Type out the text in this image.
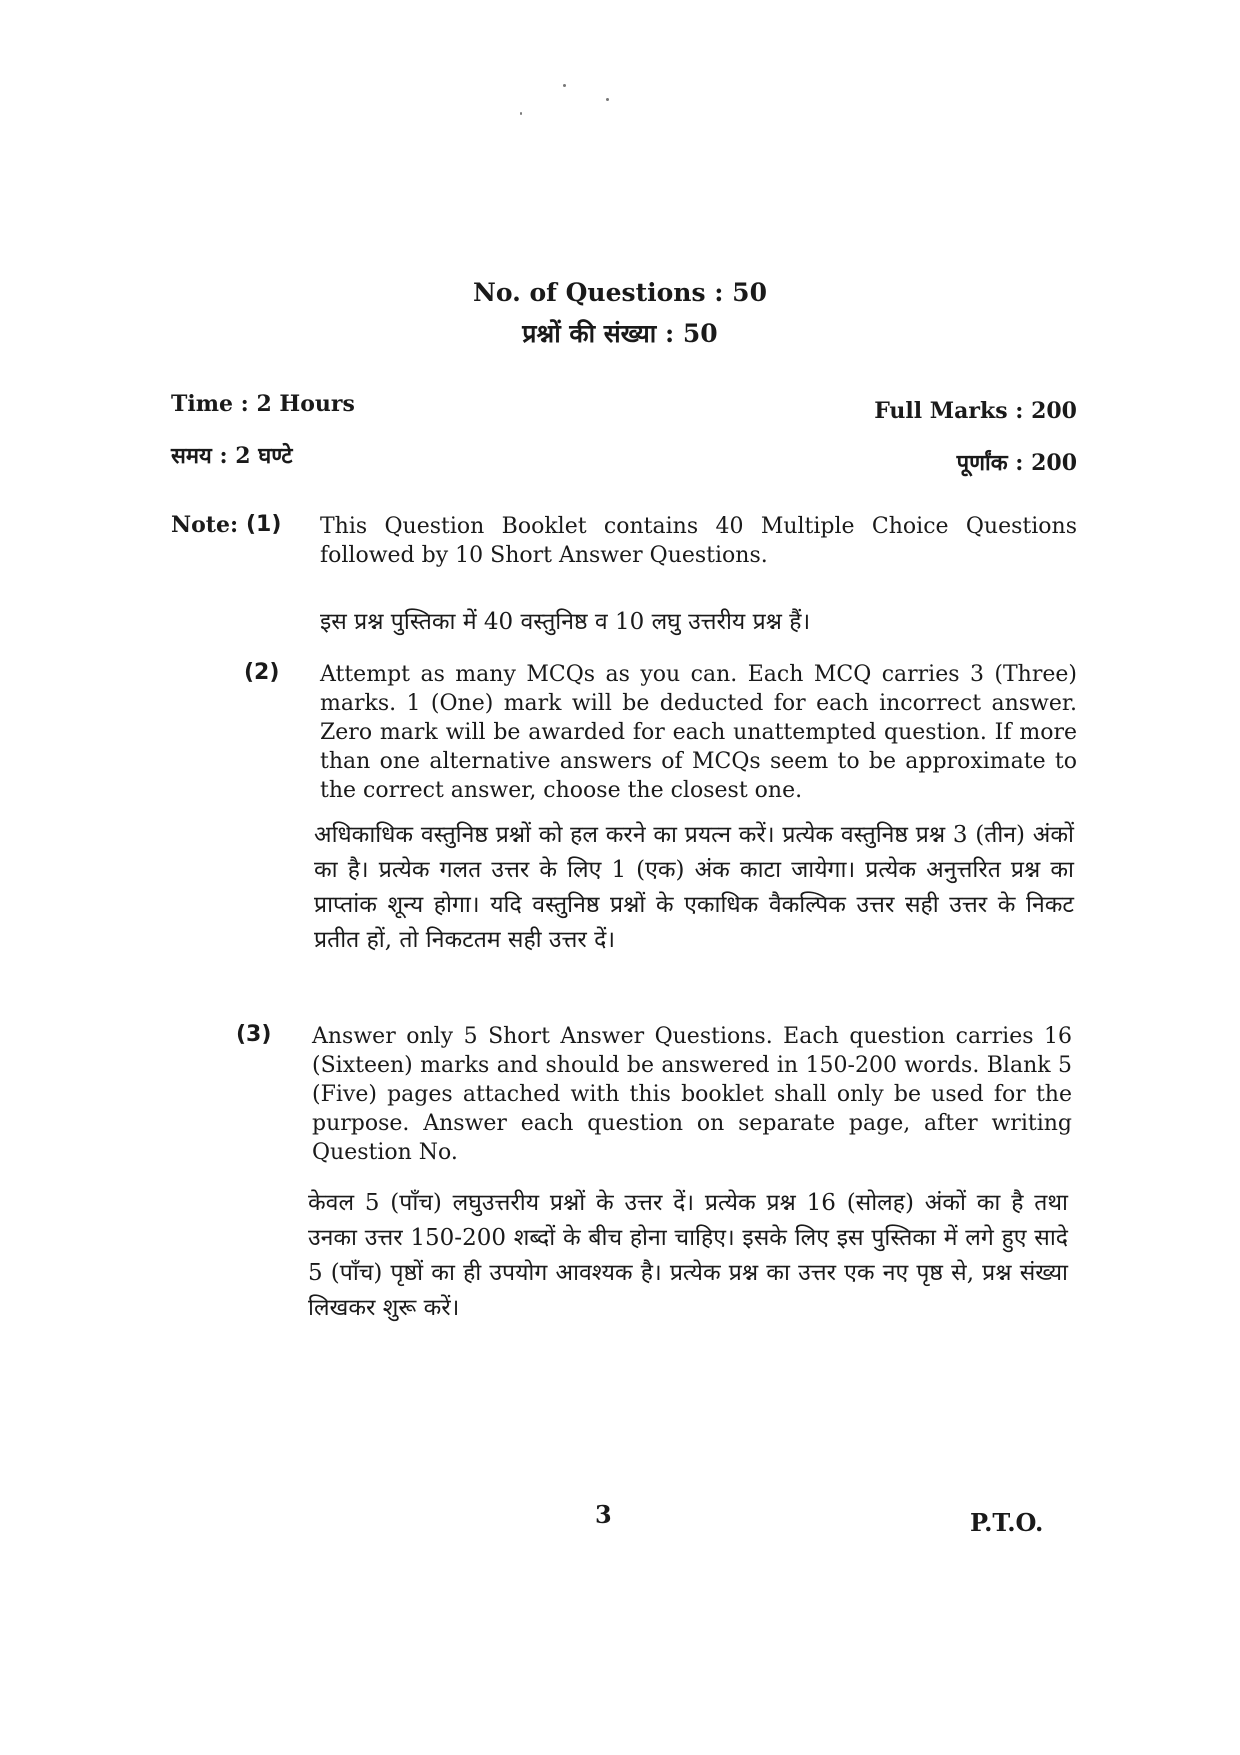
No. of Questions : 50
प्रश्नों की संख्या : 50
Time : 2 Hours
समय : 2 घण्टे
Full Marks : 200
पूर्णांक : 200
Note: (1) This Question Booklet contains 40 Multiple Choice Questions followed by 10 Short Answer Questions.
इस प्रश्न पुस्तिका में 40 वस्तुनिष्ठ व 10 लघु उत्तरीय प्रश्न हैं।
(2) Attempt as many MCQs as you can. Each MCQ carries 3 (Three) marks. 1 (One) mark will be deducted for each incorrect answer. Zero mark will be awarded for each unattempted question. If more than one alternative answers of MCQs seem to be approximate to the correct answer, choose the closest one.
अधिकाधिक वस्तुनिष्ठ प्रश्नों को हल करने का प्रयत्न करें। प्रत्येक वस्तुनिष्ठ प्रश्न 3 (तीन) अंकों का है। प्रत्येक गलत उत्तर के लिए 1 (एक) अंक काटा जायेगा। प्रत्येक अनुत्तरित प्रश्न का प्राप्तांक शून्य होगा। यदि वस्तुनिष्ठ प्रश्नों के एकाधिक वैकल्पिक उत्तर सही उत्तर के निकट प्रतीत हों, तो निकटतम सही उत्तर दें।
(3) Answer only 5 Short Answer Questions. Each question carries 16 (Sixteen) marks and should be answered in 150-200 words. Blank 5 (Five) pages attached with this booklet shall only be used for the purpose. Answer each question on separate page, after writing Question No.
केवल 5 (पाँच) लघुउत्तरीय प्रश्नों के उत्तर दें। प्रत्येक प्रश्न 16 (सोलह) अंकों का है तथा उनका उत्तर 150-200 शब्दों के बीच होना चाहिए। इसके लिए इस पुस्तिका में लगे हुए सादे 5 (पाँच) पृष्ठों का ही उपयोग आवश्यक है। प्रत्येक प्रश्न का उत्तर एक नए पृष्ठ से, प्रश्न संख्या लिखकर शुरू करें।
3	P.T.O.
